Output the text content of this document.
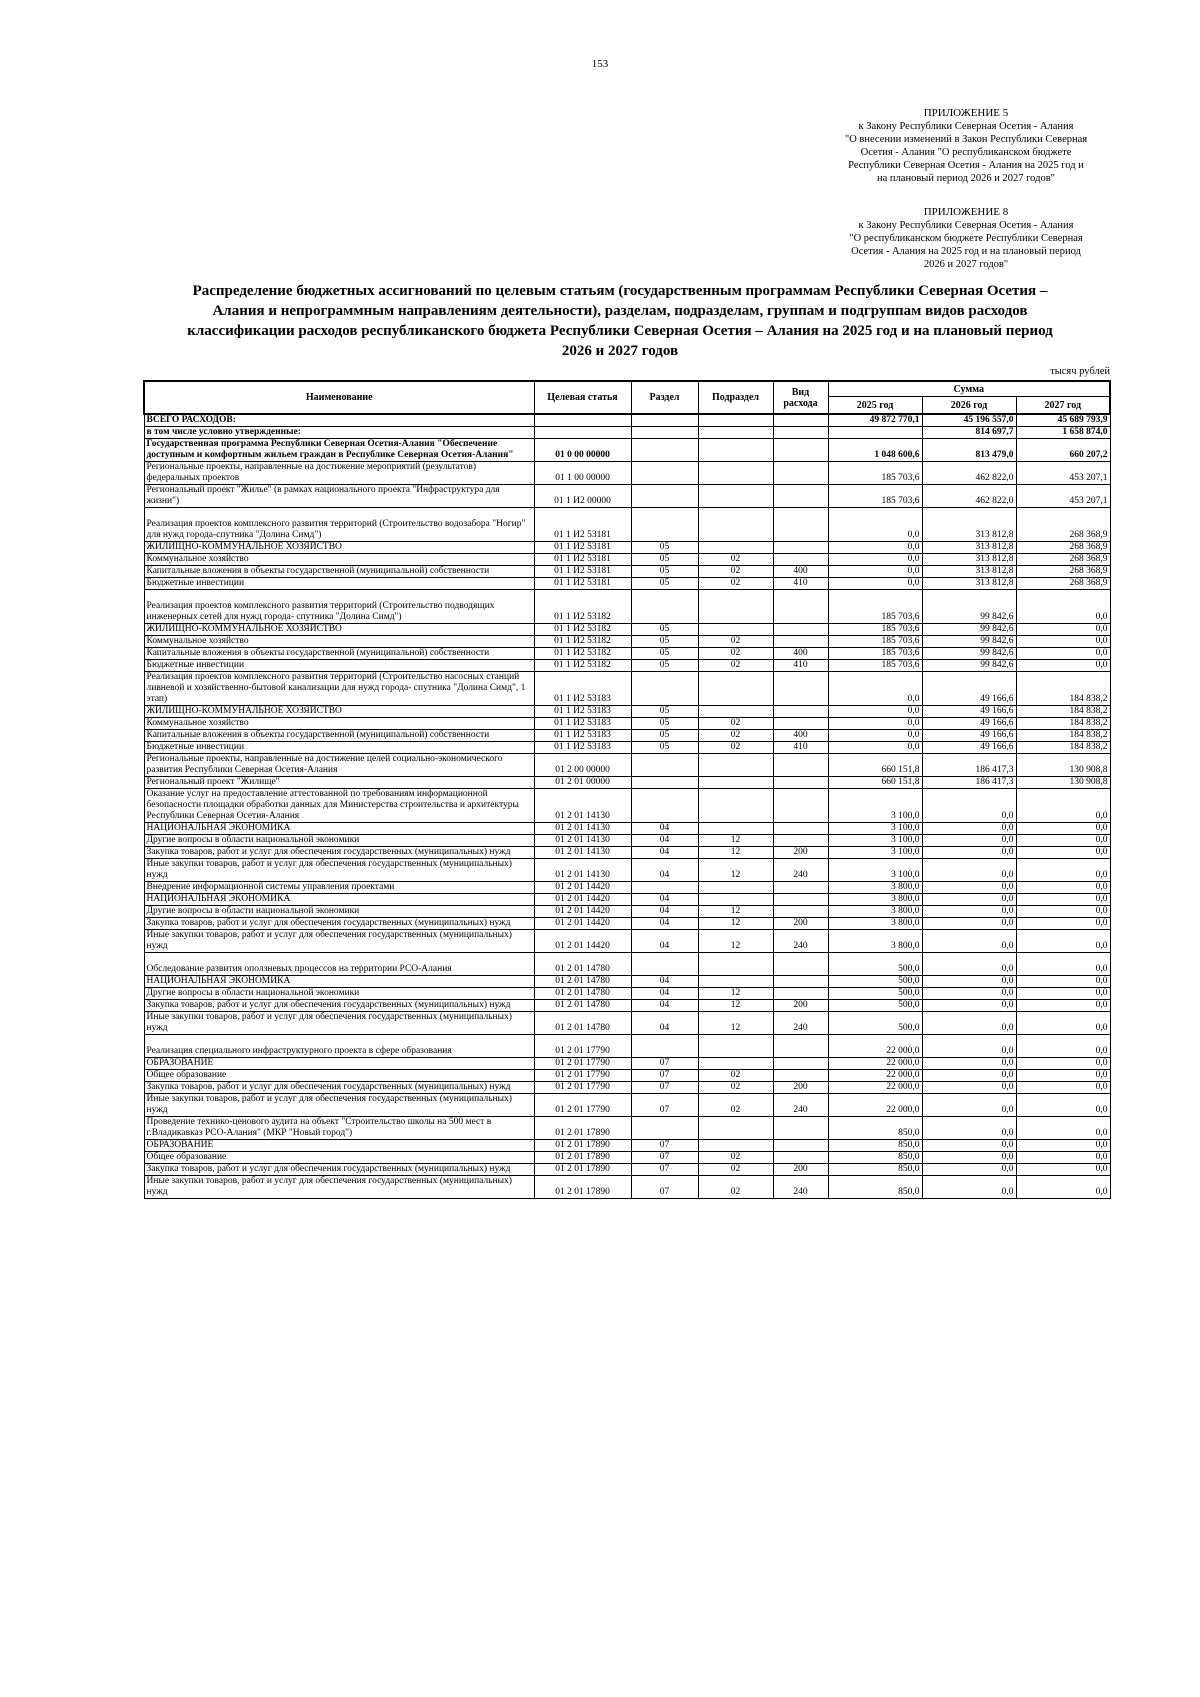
153
ПРИЛОЖЕНИЕ 5
к Закону Республики Северная Осетия - Алания
"О внесении изменений в Закон Республики Северная
Осетия - Алания "О республиканском бюджете
Республики Северная Осетия - Алания на 2025 год и
на плановый период 2026 и 2027 годов"
ПРИЛОЖЕНИЕ 8
к Закону Республики Северная Осетия - Алания
"О республиканском бюджете Республики Северная
Осетия - Алания на 2025 год и на плановый период
2026 и 2027 годов"
Распределение бюджетных ассигнований по целевым статьям (государственным программам Республики Северная Осетия –
Алания и непрограммным направлениям деятельности), разделам, подразделам, группам и подгруппам видов расходов
классификации расходов республиканского бюджета Республики Северная Осетия – Алания на 2025 год и на плановый период
2026 и 2027 годов
тысяч рублей
Наименование	Целевая статья	Раздел	Подраздел	Вид расхода	Сумма		
					2025 год	2026 год	2027 год
ВСЕГО РАСХОДОВ:					49 872 770,1	45 196 557,0	45 689 793,9
в том числе условно утвержденные:						814 697,7	1 658 874,0
Государственная программа Республики Северная Осетия-Алания "Обеспечение доступным и комфортным жильем граждан в Республике Северная Осетия-Алания"	01 0 00 00000				1 048 600,6	813 479,0	660 207,2
Региональные проекты, направленные на достижение мероприятий (результатов) федеральных проектов	01 1 00 00000				185 703,6	462 822,0	453 207,1
Региональный проект "Жилье" (в рамках национального проекта "Инфраструктура для жизни")	01 1 И2 00000				185 703,6	462 822,0	453 207,1
Реализация проектов комплексного развития территорий (Строительство водозабора "Ногир" для нужд города-спутника "Долина Симд")	01 1 И2 53181				0,0	313 812,8	268 368,9
ЖИЛИЩНО-КОММУНАЛЬНОЕ ХОЗЯЙСТВО	01 1 И2 53181	05			0,0	313 812,8	268 368,9
Коммунальное хозяйство	01 1 И2 53181	05	02		0,0	313 812,8	268 368,9
Капитальные вложения в объекты государственной (муниципальной) собственности	01 1 И2 53181	05	02	400	0,0	313 812,8	268 368,9
Бюджетные инвестиции	01 1 И2 53181	05	02	410	0,0	313 812,8	268 368,9
Реализация проектов комплексного развития территорий (Строительство подводящих инженерных сетей для нужд города- спутника "Долина Симд")	01 1 И2 53182				185 703,6	99 842,6	0,0
ЖИЛИЩНО-КОММУНАЛЬНОЕ ХОЗЯЙСТВО	01 1 И2 53182	05			185 703,6	99 842,6	0,0
Коммунальное хозяйство	01 1 И2 53182	05	02		185 703,6	99 842,6	0,0
Капитальные вложения в объекты государственной (муниципальной) собственности	01 1 И2 53182	05	02	400	185 703,6	99 842,6	0,0
Бюджетные инвестиции	01 1 И2 53182	05	02	410	185 703,6	99 842,6	0,0
Реализация проектов комплексного развития территорий (Строительство насосных станций ливневой и хозяйственно-бытовой канализации для нужд города- спутника "Долина Симд", 1 этап)	01 1 И2 53183				0,0	49 166,6	184 838,2
ЖИЛИЩНО-КОММУНАЛЬНОЕ ХОЗЯЙСТВО	01 1 И2 53183	05			0,0	49 166,6	184 838,2
Коммунальное хозяйство	01 1 И2 53183	05	02		0,0	49 166,6	184 838,2
Капитальные вложения в объекты государственной (муниципальной) собственности	01 1 И2 53183	05	02	400	0,0	49 166,6	184 838,2
Бюджетные инвестиции	01 1 И2 53183	05	02	410	0,0	49 166,6	184 838,2
Региональные проекты, направленные на достижение целей социально-экономического развития Республики Северная Осетия-Алания	01 2 00 00000				660 151,8	186 417,3	130 908,8
Региональный проект "Жилище"	01 2 01 00000				660 151,8	186 417,3	130 908,8
Оказание услуг на предоставление аттестованной по требованиям информационной безопасности площадки обработки данных для Министерства строительства и архитектуры Республики Северная Осетия-Алания	01 2 01 14130				3 100,0	0,0	0,0
НАЦИОНАЛЬНАЯ ЭКОНОМИКА	01 2 01 14130	04			3 100,0	0,0	0,0
Другие вопросы в области национальной экономики	01 2 01 14130	04	12		3 100,0	0,0	0,0
Закупка товаров, работ и услуг для обеспечения государственных (муниципальных) нужд	01 2 01 14130	04	12	200	3 100,0	0,0	0,0
Иные закупки товаров, работ и услуг для обеспечения государственных (муниципальных) нужд	01 2 01 14130	04	12	240	3 100,0	0,0	0,0
Внедрение информационной системы управления проектами	01 2 01 14420				3 800,0	0,0	0,0
НАЦИОНАЛЬНАЯ ЭКОНОМИКА	01 2 01 14420	04			3 800,0	0,0	0,0
Другие вопросы в области национальной экономики	01 2 01 14420	04	12		3 800,0	0,0	0,0
Закупка товаров, работ и услуг для обеспечения государственных (муниципальных) нужд	01 2 01 14420	04	12	200	3 800,0	0,0	0,0
Иные закупки товаров, работ и услуг для обеспечения государственных (муниципальных) нужд	01 2 01 14420	04	12	240	3 800,0	0,0	0,0
Обследование развития оползневых процессов на территории РСО-Алания	01 2 01 14780				500,0	0,0	0,0
НАЦИОНАЛЬНАЯ ЭКОНОМИКА	01 2 01 14780	04			500,0	0,0	0,0
Другие вопросы в области национальной экономики	01 2 01 14780	04	12		500,0	0,0	0,0
Закупка товаров, работ и услуг для обеспечения государственных (муниципальных) нужд	01 2 01 14780	04	12	200	500,0	0,0	0,0
Иные закупки товаров, работ и услуг для обеспечения государственных (муниципальных) нужд	01 2 01 14780	04	12	240	500,0	0,0	0,0
Реализация специального инфраструктурного проекта в сфере образования	01 2 01 17790				22 000,0	0,0	0,0
ОБРАЗОВАНИЕ	01 2 01 17790	07			22 000,0	0,0	0,0
Общее образование	01 2 01 17790	07	02		22 000,0	0,0	0,0
Закупка товаров, работ и услуг для обеспечения государственных (муниципальных) нужд	01 2 01 17790	07	02	200	22 000,0	0,0	0,0
Иные закупки товаров, работ и услуг для обеспечения государственных (муниципальных) нужд	01 2 01 17790	07	02	240	22 000,0	0,0	0,0
Проведение технико-ценового аудита на объект "Строительство школы на 500 мест в г.Владикавказ РСО-Алания" (МКР "Новый город")	01 2 01 17890				850,0	0,0	0,0
ОБРАЗОВАНИЕ	01 2 01 17890	07			850,0	0,0	0,0
Общее образование	01 2 01 17890	07	02		850,0	0,0	0,0
Закупка товаров, работ и услуг для обеспечения государственных (муниципальных) нужд	01 2 01 17890	07	02	200	850,0	0,0	0,0
Иные закупки товаров, работ и услуг для обеспечения государственных (муниципальных) нужд	01 2 01 17890	07	02	240	850,0	0,0	0,0
